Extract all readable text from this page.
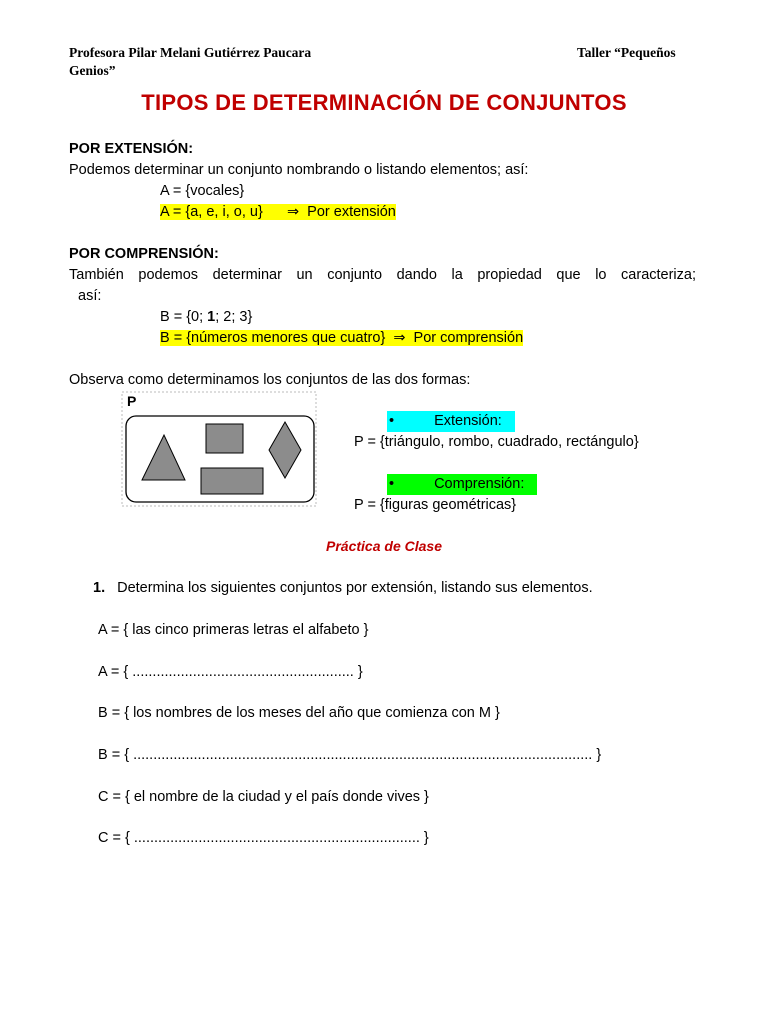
Profesora Pilar Melani Gutiérrez Paucara	Taller “Pequeños
Genios”
TIPOS DE DETERMINACIÓN DE CONJUNTOS
POR EXTENSIÓN:
Podemos determinar un conjunto nombrando o listando elementos; así:
A = {vocales}
A = {a, e, i, o, u}      ⇒  Por extensión
POR COMPRENSIÓN:
También podemos determinar un conjunto dando la propiedad que lo caracteriza;
así:
B = {0; 1; 2; 3}
B = {números menores que cuatro}  ⇒  Por comprensión
Observa como determinamos los conjuntos de las dos formas:
P
•	Extensión:
P = {triángulo, rombo, cuadrado, rectángulo}
•	Comprensión:
P = {figuras geométricas}
Práctica de Clase
1. Determina los siguientes conjuntos por extensión, listando sus elementos.
A = { las cinco primeras letras el alfabeto }
A = { ....................................................... }
B = { los nombres de los meses del año que comienza con M }
B = { .................................................................................................................. }
C = { el nombre de la ciudad y el país donde vives }
C = { ....................................................................... }
